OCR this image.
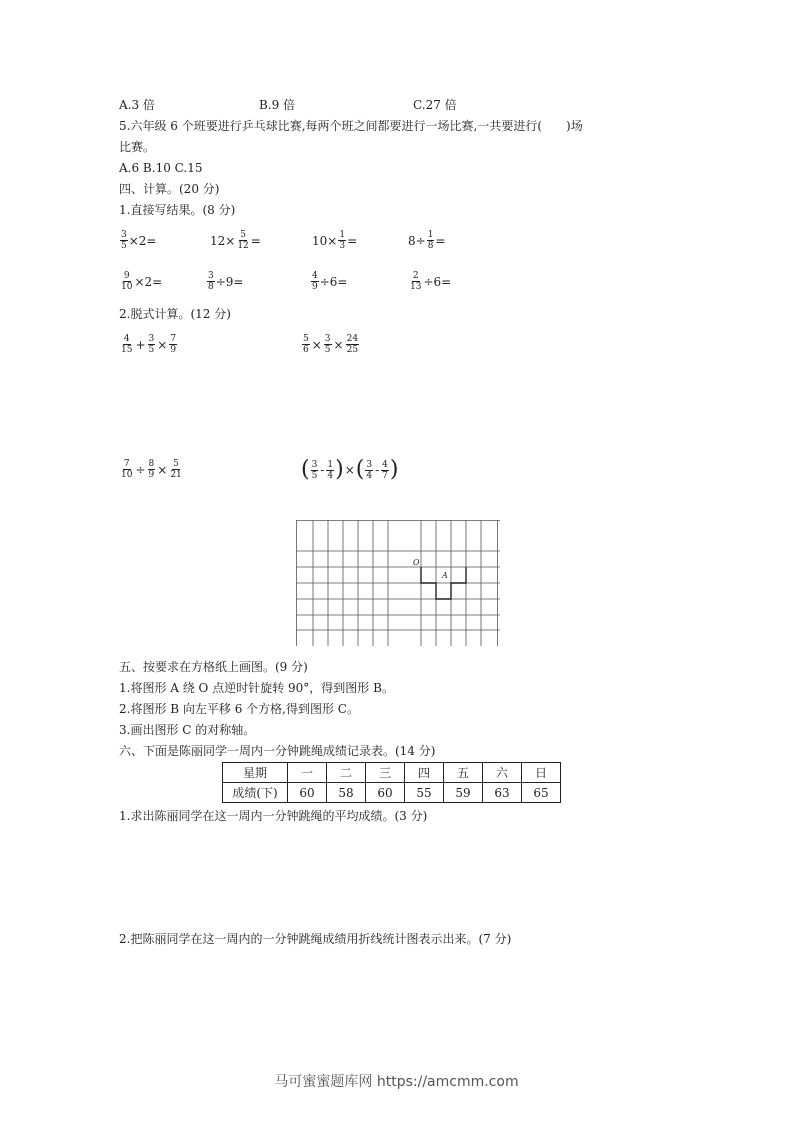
A.3 倍	B.9 倍	C.27 倍
5.六年级 6 个班要进行乒乓球比赛,每两个班之间都要进行一场比赛,一共要进行(　　)场
比赛。
A.6 B.10 C.15
四、计算。(20 分)
1.直接写结果。(8 分)
$\frac{3}{5} \times 2=$	$12\times \frac{5}{12}$ =	$10\times \frac{1}{3}$ =	$8\div \frac{1}{8}$ =
$\frac{9}{10} \times 2=$	$\frac{3}{8} \div 9=$	$\frac{4}{9} \div 6=$	$\frac{2}{13} \div 6=$
2.脱式计算。(12 分)
$\frac{4}{15} + \frac{3}{5} \times \frac{7}{9}$	$\frac{5}{6} \times \frac{3}{5} \times \frac{24}{25}$
$\frac{7}{10} \div \frac{8}{9} \times \frac{5}{21}$	( $\frac{3}{5} - \frac{1}{4}$ ) × ( $\frac{3}{4} - \frac{4}{7}$ )
O
A
五、按要求在方格纸上画图。(9 分)
1.将图形 A 绕 O 点逆时针旋转 90°，得到图形 B。
2.将图形 B 向左平移 6 个方格,得到图形 C。
3.画出图形 C 的对称轴。
六、下面是陈丽同学一周内一分钟跳绳成绩记录表。(14 分)
星期	一	二	三	四	五	六	日
成绩(下)	60	58	60	55	59	63	65
1.求出陈丽同学在这一周内一分钟跳绳的平均成绩。(3 分)
2.把陈丽同学在这一周内的一分钟跳绳成绩用折线统计图表示出来。(7 分)
马可蜜蜜题库网 https://amcmm.com
